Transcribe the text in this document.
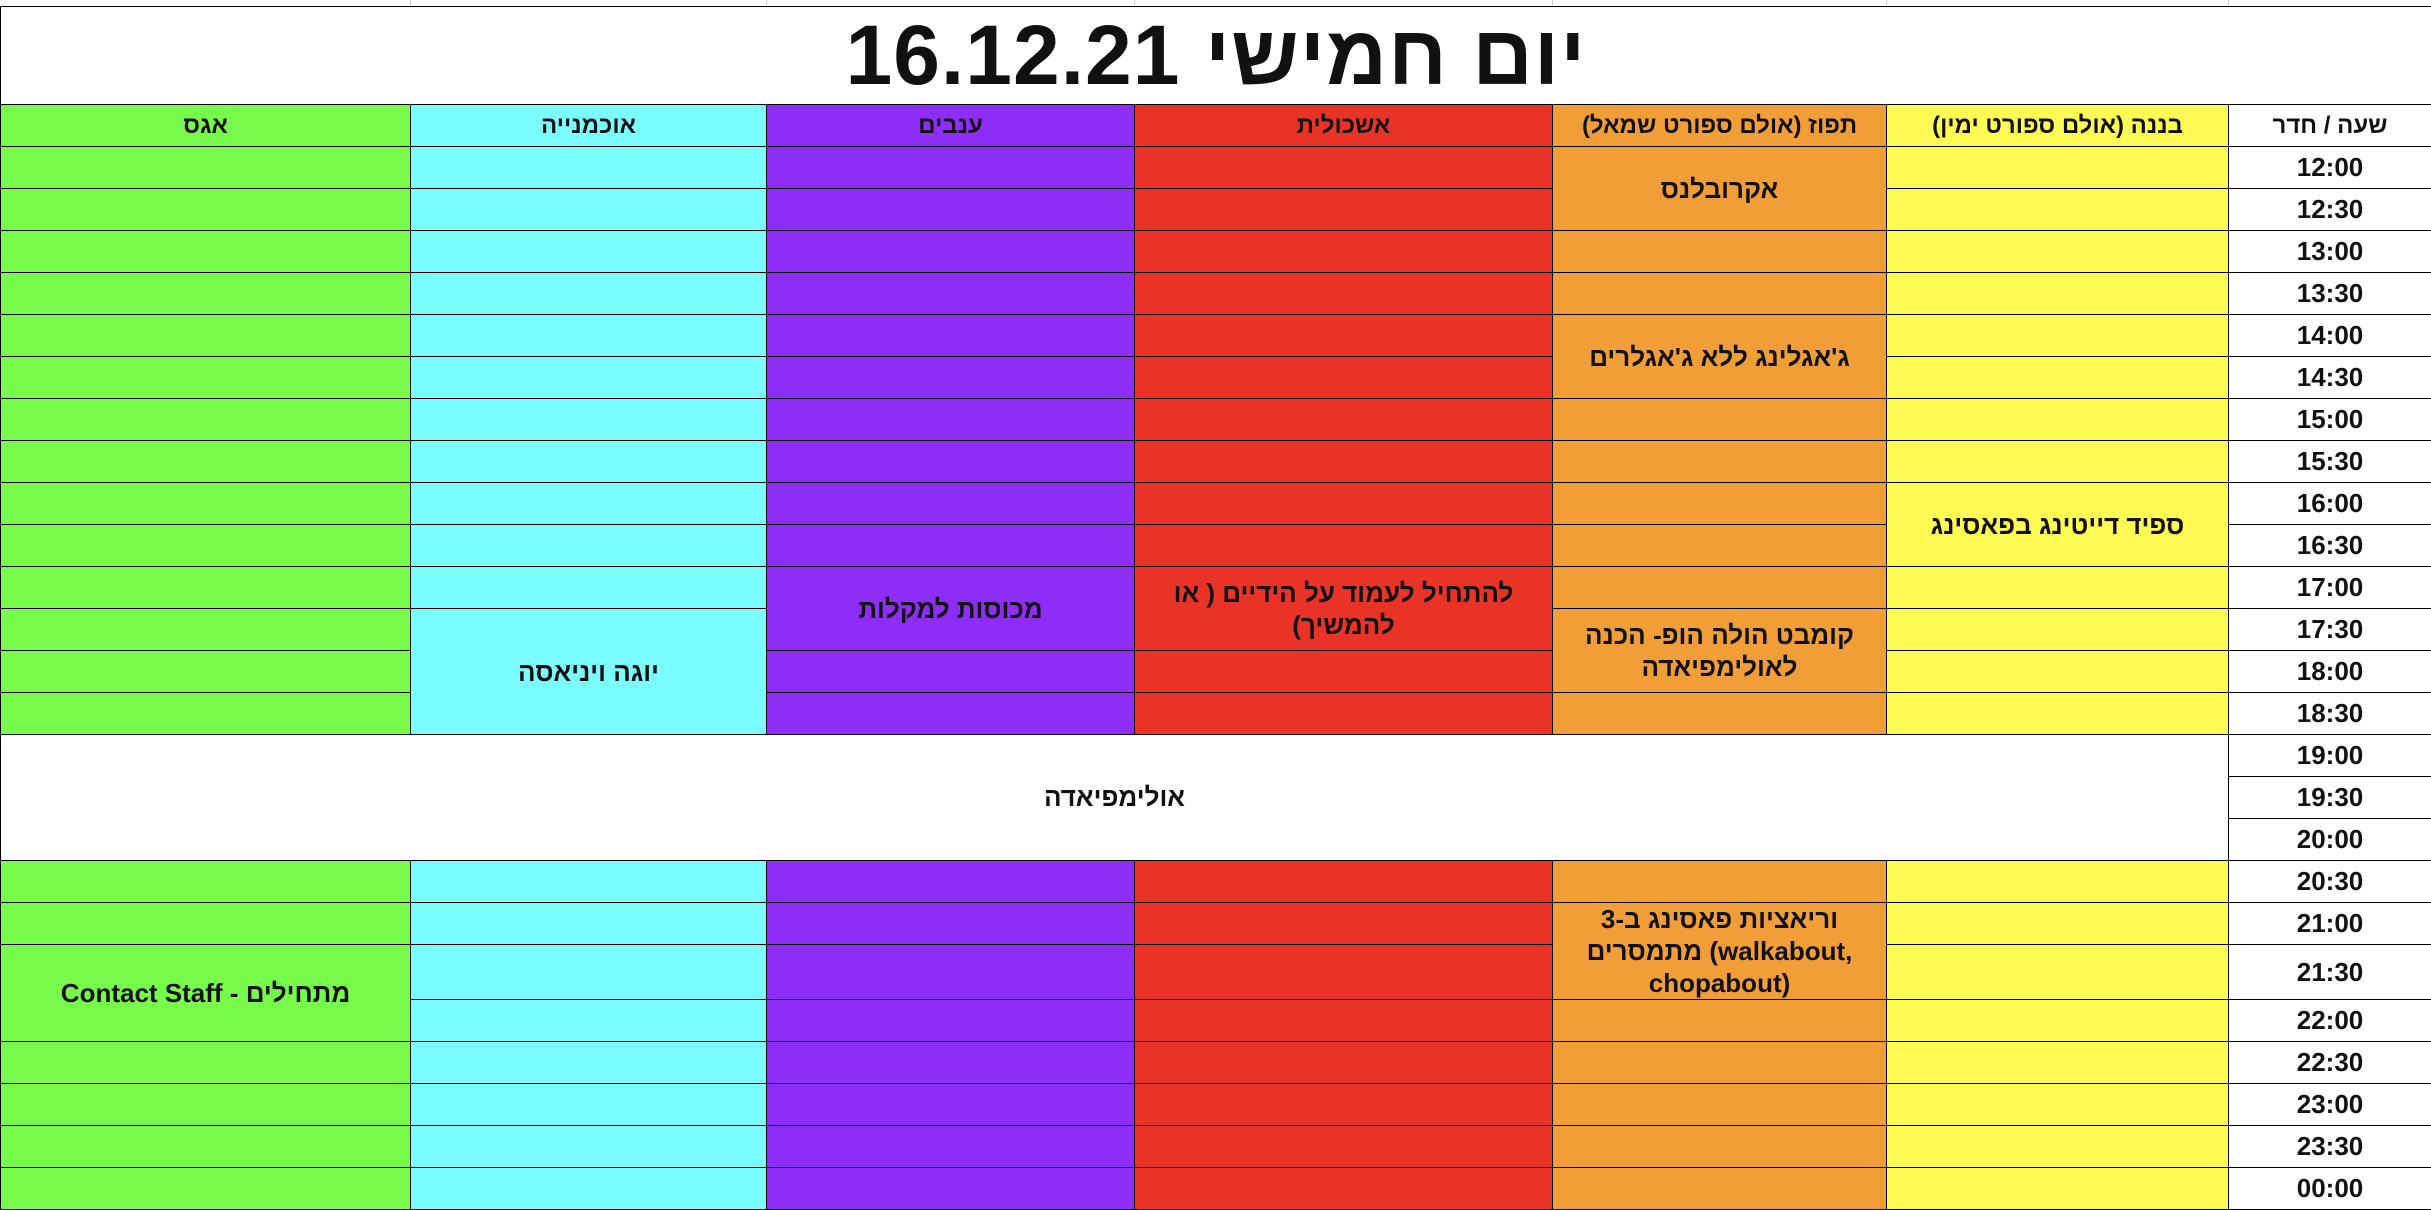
יום חמישי 16.12.21						
אגס	אוכמנייה	ענבים	אשכולית	תפוז (אולם ספורט שמאל)	בננה (אולם ספורט ימין)	שעה / חדר
				אקרובלנס		12:00
						12:30
						13:00
						13:30
				ג'אגלינג ללא ג'אגלרים		14:00
						14:30
						15:00
						15:30
					ספיד דייטינג בפאסינג	16:00
						16:30
		מכוסות למקלות	להתחיל לעמוד על הידיים ( או להמשיך)			17:00
	יוגה ויניאסה			קומבט הולה הופ- הכנה לאולימפיאדה		17:30
						18:00
						18:30
אולימפיאדה						19:00
						19:30
						20:00
						20:30
				וריאציות פאסינג ב-3 מתמסרים (walkabout, chopabout)		21:00
Contact Staff - מתחילים						21:30
						22:00
						22:30
						23:00
						23:30
						00:00
